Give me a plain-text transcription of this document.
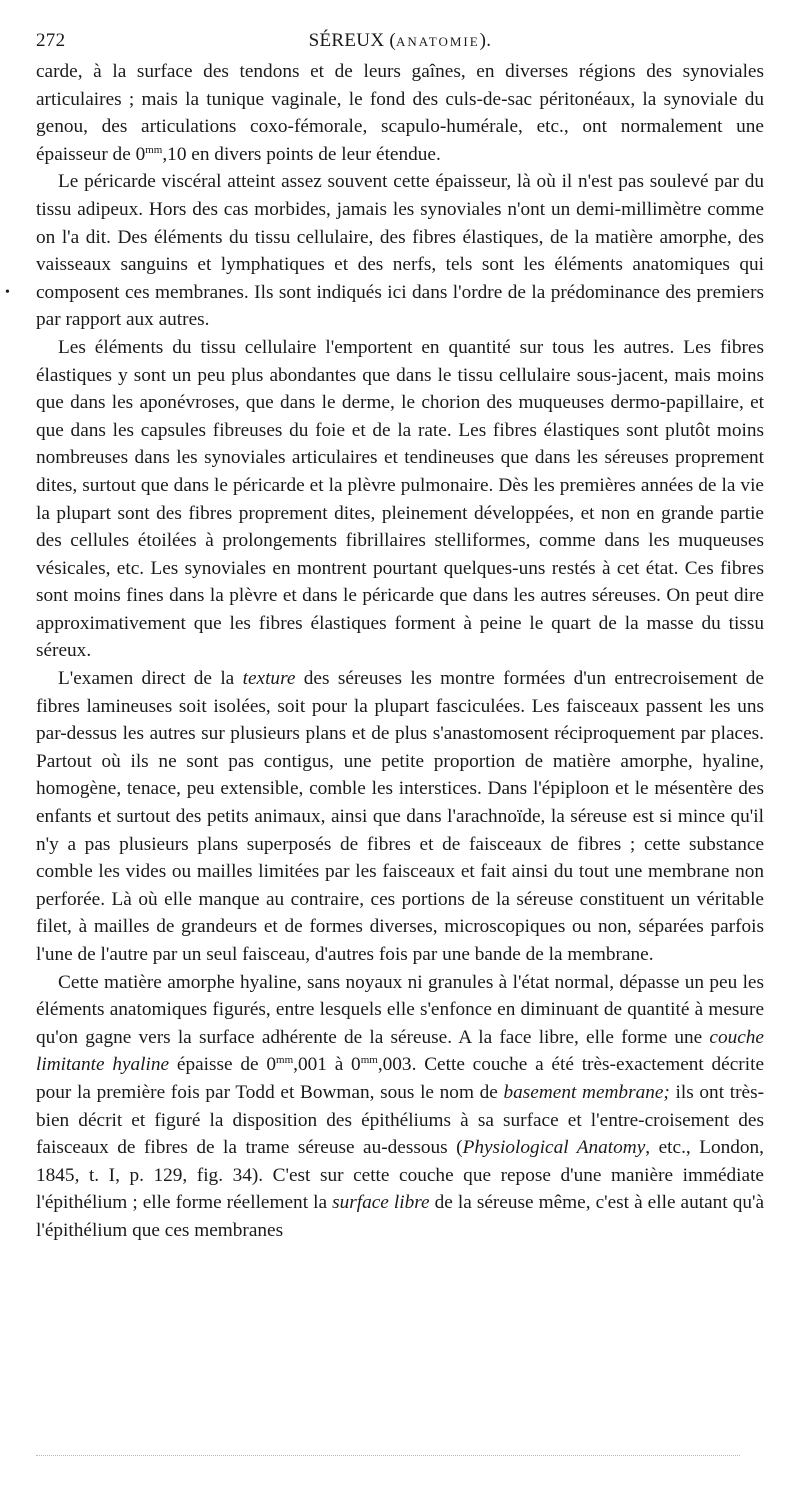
272	SÉREUX (ANATOMIE).
•

carde, à la surface des tendons et de leurs gaînes, en diverses régions des synoviales articulaires ; mais la tunique vaginale, le fond des culs-de-sac péritonéaux, la synoviale du genou, des articulations coxo-fémorale, scapulo-humérale, etc., ont normalement une épaisseur de $0^{mm},10$ en divers points de leur étendue.

Le péricarde viscéral atteint assez souvent cette épaisseur, là où il n'est pas soulevé par du tissu adipeux. Hors des cas morbides, jamais les synoviales n'ont un demi-millimètre comme on l'a dit. Des éléments du tissu cellulaire, des fibres élastiques, de la matière amorphe, des vaisseaux sanguins et lymphatiques et des nerfs, tels sont les éléments anatomiques qui composent ces membranes. Ils sont indiqués ici dans l'ordre de la prédominance des premiers par rapport aux autres.

Les éléments du tissu cellulaire l'emportent en quantité sur tous les autres. Les fibres élastiques y sont un peu plus abondantes que dans le tissu cellulaire sous-jacent, mais moins que dans les aponévroses, que dans le derme, le chorion des muqueuses dermo-papillaire, et que dans les capsules fibreuses du foie et de la rate. Les fibres élastiques sont plutôt moins nombreuses dans les synoviales articulaires et tendineuses que dans les séreuses proprement dites, surtout que dans le péricarde et la plèvre pulmonaire. Dès les premières années de la vie la plupart sont des fibres proprement dites, pleinement développées, et non en grande partie des cellules étoilées à prolongements fibrillaires stelliformes, comme dans les muqueuses vésicales, etc. Les synoviales en montrent pourtant quelques-uns restés à cet état. Ces fibres sont moins fines dans la plèvre et dans le péricarde que dans les autres séreuses. On peut dire approximativement que les fibres élastiques forment à peine le quart de la masse du tissu séreux.

L'examen direct de la texture des séreuses les montre formées d'un entrecroisement de fibres lamineuses soit isolées, soit pour la plupart fasciculées. Les faisceaux passent les uns par-dessus les autres sur plusieurs plans et de plus s'anastomosent réciproquement par places. Partout où ils ne sont pas contigus, une petite proportion de matière amorphe, hyaline, homogène, tenace, peu extensible, comble les interstices. Dans l'épiploon et le mésentère des enfants et surtout des petits animaux, ainsi que dans l'arachnoïde, la séreuse est si mince qu'il n'y a pas plusieurs plans superposés de fibres et de faisceaux de fibres ; cette substance comble les vides ou mailles limitées par les faisceaux et fait ainsi du tout une membrane non perforée. Là où elle manque au contraire, ces portions de la séreuse constituent un véritable filet, à mailles de grandeurs et de formes diverses, microscopiques ou non, séparées parfois l'une de l'autre par un seul faisceau, d'autres fois par une bande de la membrane.

Cette matière amorphe hyaline, sans noyaux ni granules à l'état normal, dépasse un peu les éléments anatomiques figurés, entre lesquels elle s'enfonce en diminuant de quantité à mesure qu'on gagne vers la surface adhérente de la séreuse. A la face libre, elle forme une couche limitante hyaline épaisse de $0^{mm},001$ à $0^{mm},003$. Cette couche a été très-exactement décrite pour la première fois par Todd et Bowman, sous le nom de basement membrane; ils ont très-bien décrit et figuré la disposition des épithéliums à sa surface et l'entre-croisement des faisceaux de fibres de la trame séreuse au-dessous (Physiological Anatomy, etc., London, 1845, t. I, p. 129, fig. 34). C'est sur cette couche que repose d'une manière immédiate l'épithélium ; elle forme réellement la surface libre de la séreuse même, c'est à elle autant qu'à l'épithélium que ces membranes
